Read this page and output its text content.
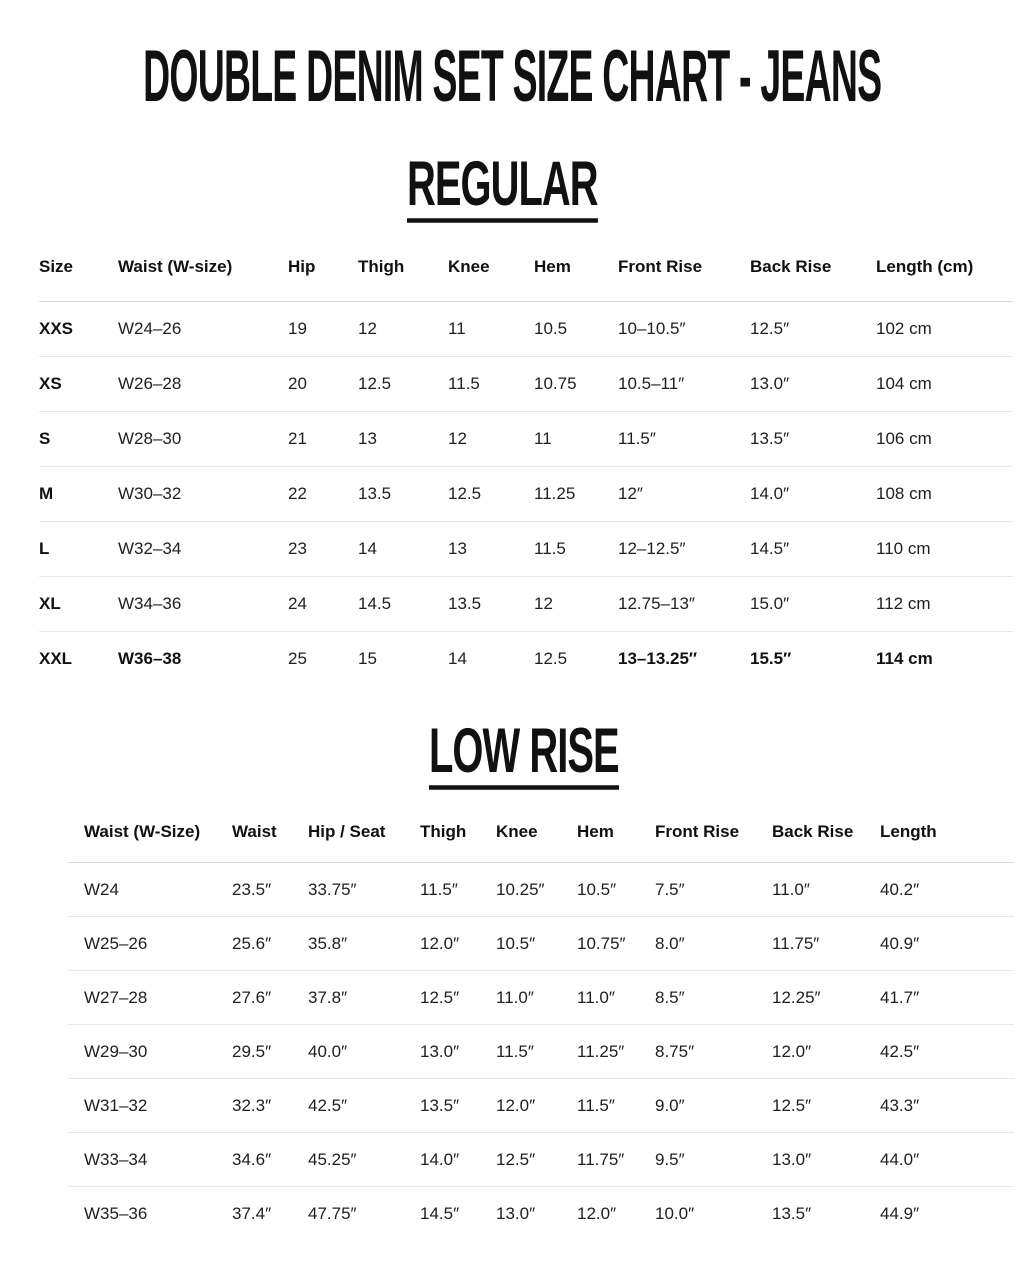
DOUBLE DENIM SET SIZE CHART - JEANS
REGULAR
Size	Waist (W-size)	Hip	Thigh	Knee	Hem	Front Rise	Back Rise	Length (cm)
XXS	W24–26	19	12	11	10.5	10–10.5″	12.5″	102 cm
XS	W26–28	20	12.5	11.5	10.75	10.5–11″	13.0″	104 cm
S	W28–30	21	13	12	11	11.5″	13.5″	106 cm
M	W30–32	22	13.5	12.5	11.25	12″	14.0″	108 cm
L	W32–34	23	14	13	11.5	12–12.5″	14.5″	110 cm
XL	W34–36	24	14.5	13.5	12	12.75–13″	15.0″	112 cm
XXL	W36–38	25	15	14	12.5	13–13.25″	15.5″	114 cm
LOW RISE
Waist (W-Size)	Waist	Hip / Seat	Thigh	Knee	Hem	Front Rise	Back Rise	Length
W24	23.5″	33.75″	11.5″	10.25″	10.5″	7.5″	11.0″	40.2″
W25–26	25.6″	35.8″	12.0″	10.5″	10.75″	8.0″	11.75″	40.9″
W27–28	27.6″	37.8″	12.5″	11.0″	11.0″	8.5″	12.25″	41.7″
W29–30	29.5″	40.0″	13.0″	11.5″	11.25″	8.75″	12.0″	42.5″
W31–32	32.3″	42.5″	13.5″	12.0″	11.5″	9.0″	12.5″	43.3″
W33–34	34.6″	45.25″	14.0″	12.5″	11.75″	9.5″	13.0″	44.0″
W35–36	37.4″	47.75″	14.5″	13.0″	12.0″	10.0″	13.5″	44.9″
